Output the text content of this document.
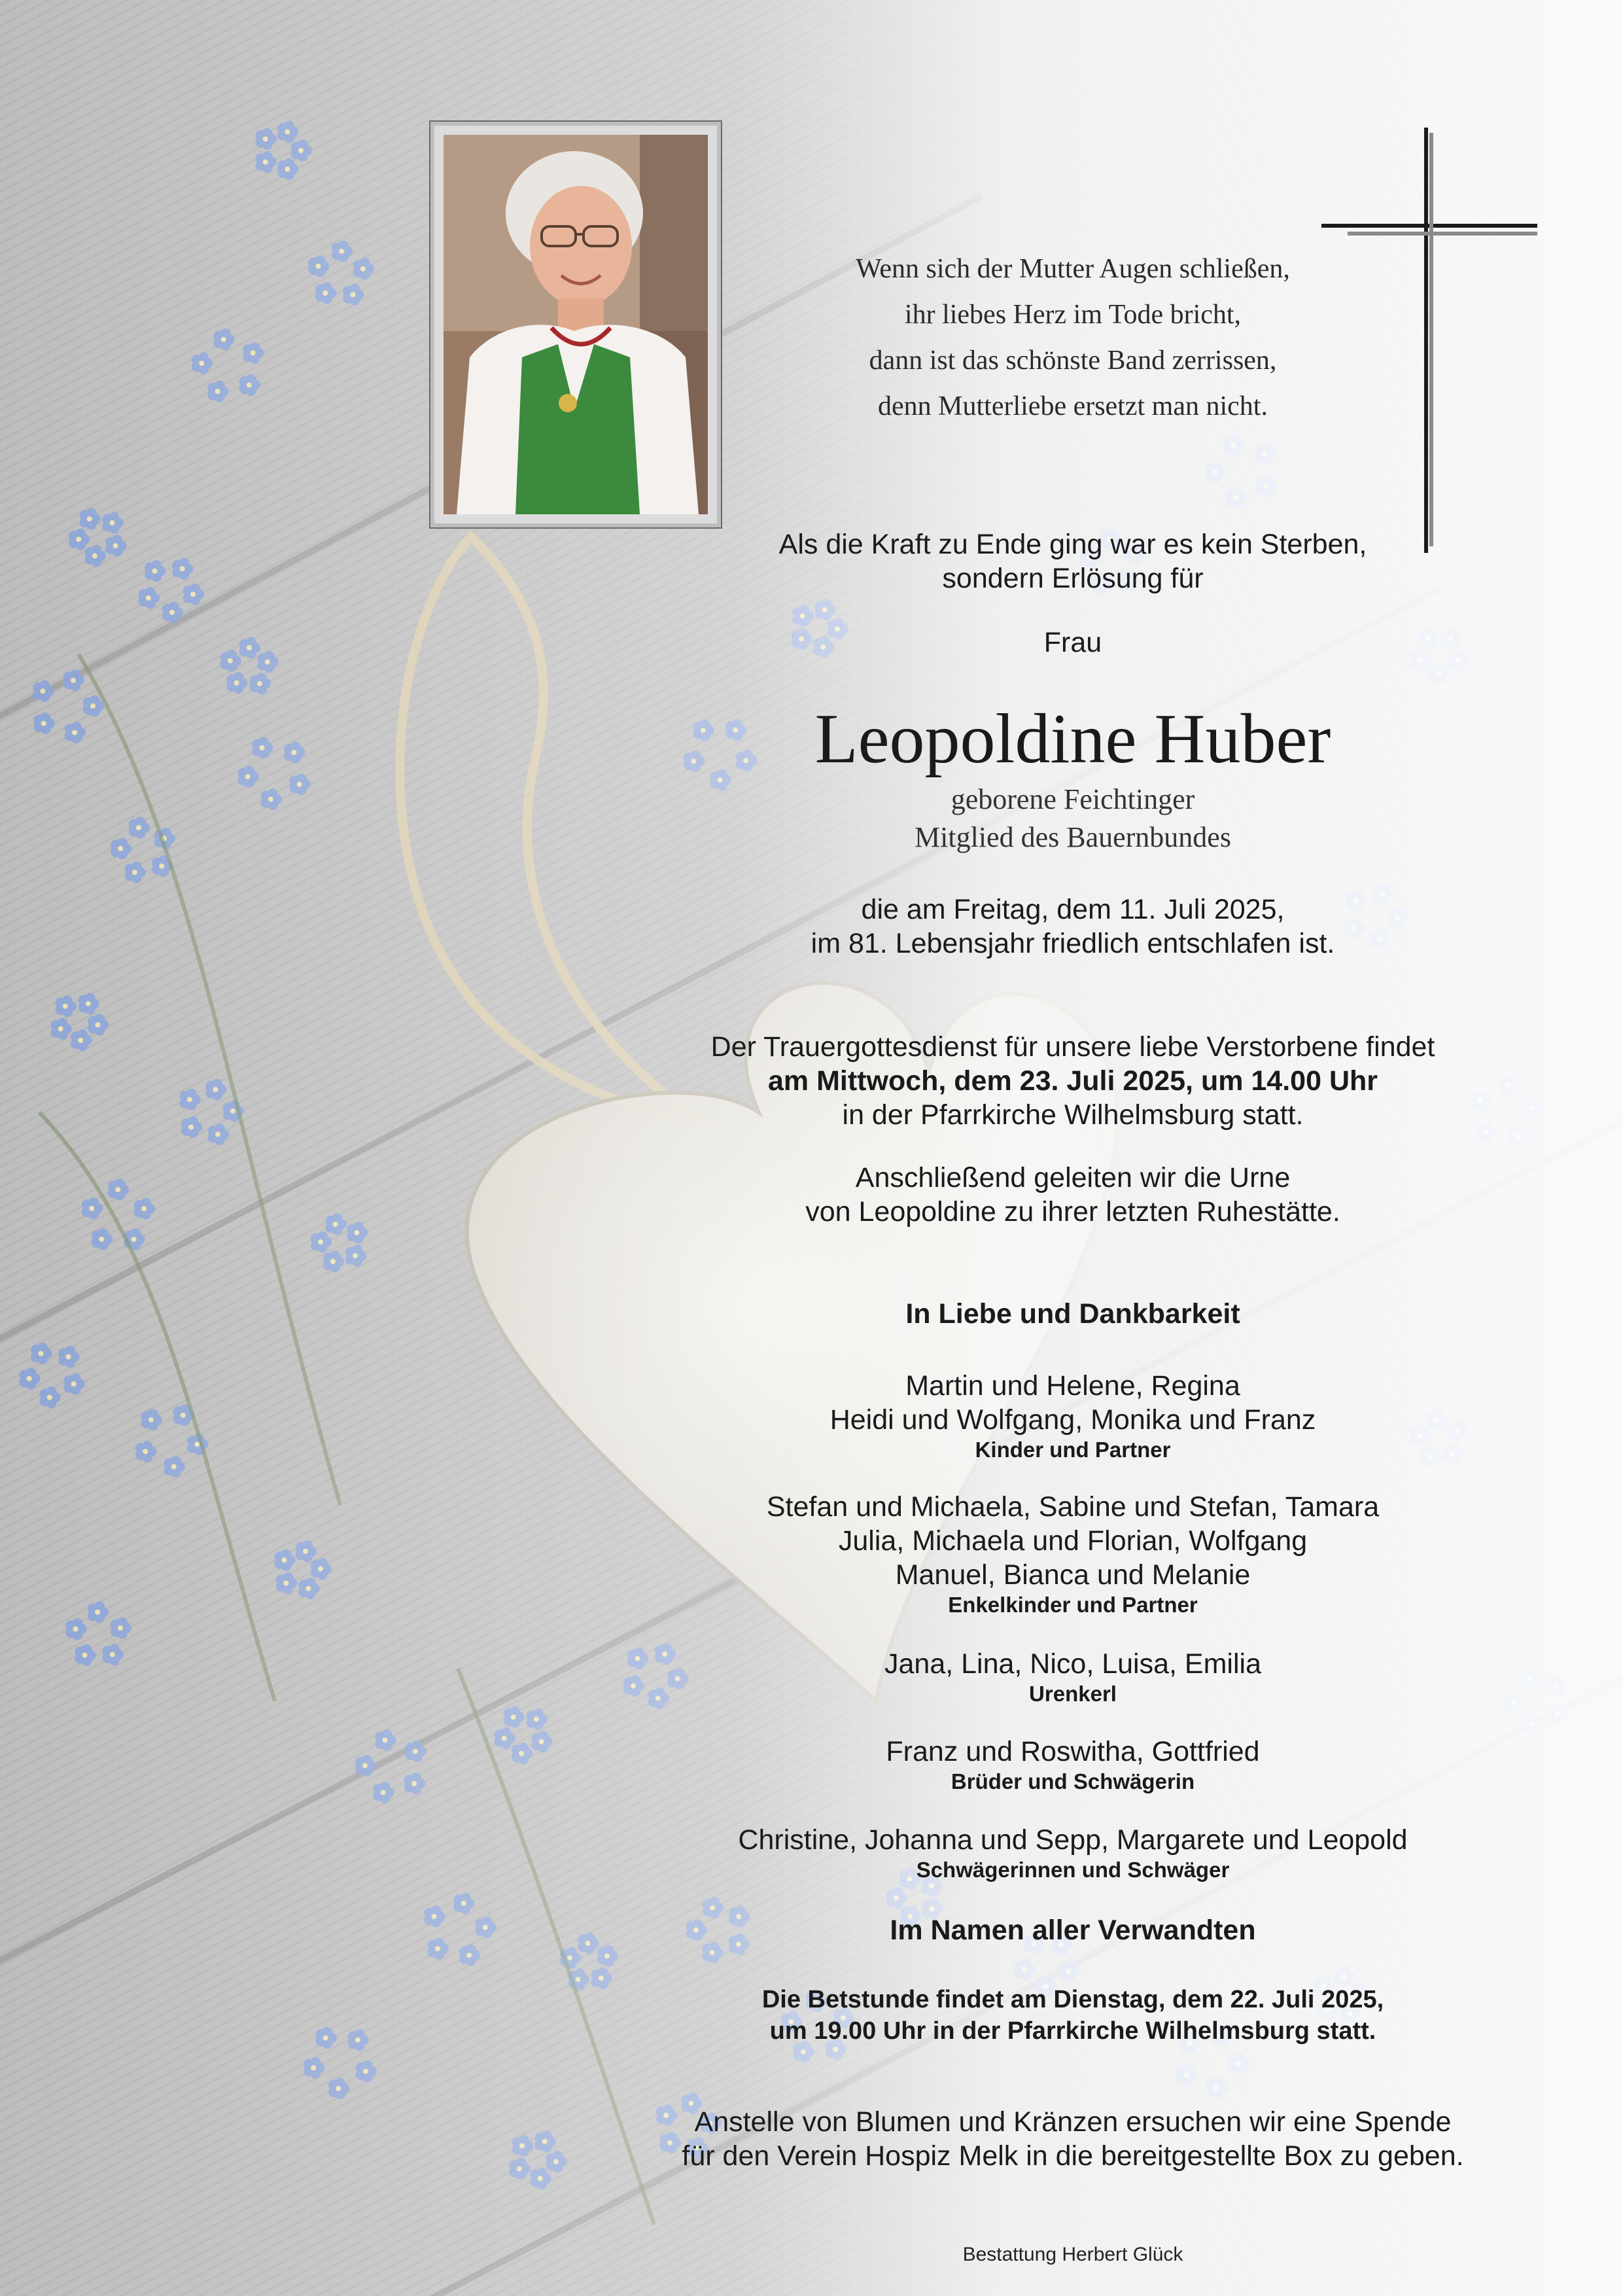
Wenn sich der Mutter Augen schließen,
ihr liebes Herz im Tode bricht,
dann ist das schönste Band zerrissen,
denn Mutterliebe ersetzt man nicht.
Als die Kraft zu Ende ging war es kein Sterben,
sondern Erlösung für
Frau
Leopoldine Huber
geborene Feichtinger
Mitglied des Bauernbundes
die am Freitag, dem 11. Juli 2025,
im 81. Lebensjahr friedlich entschlafen ist.
Der Trauergottesdienst für unsere liebe Verstorbene findet
am Mittwoch, dem 23. Juli 2025, um 14.00 Uhr
in der Pfarrkirche Wilhelmsburg statt.
Anschließend geleiten wir die Urne
von Leopoldine zu ihrer letzten Ruhestätte.
In Liebe und Dankbarkeit
Martin und Helene, Regina
Heidi und Wolfgang, Monika und Franz
Kinder und Partner
Stefan und Michaela, Sabine und Stefan, Tamara
Julia, Michaela und Florian, Wolfgang
Manuel, Bianca und Melanie
Enkelkinder und Partner
Jana, Lina, Nico, Luisa, Emilia
Urenkerl
Franz und Roswitha, Gottfried
Brüder und Schwägerin
Christine, Johanna und Sepp, Margarete und Leopold
Schwägerinnen und Schwäger
Im Namen aller Verwandten
Die Betstunde findet am Dienstag, dem 22. Juli 2025,
um 19.00 Uhr in der Pfarrkirche Wilhelmsburg statt.
Anstelle von Blumen und Kränzen ersuchen wir eine Spende
für den Verein Hospiz Melk in die bereitgestellte Box zu geben.
Bestattung Herbert Glück
